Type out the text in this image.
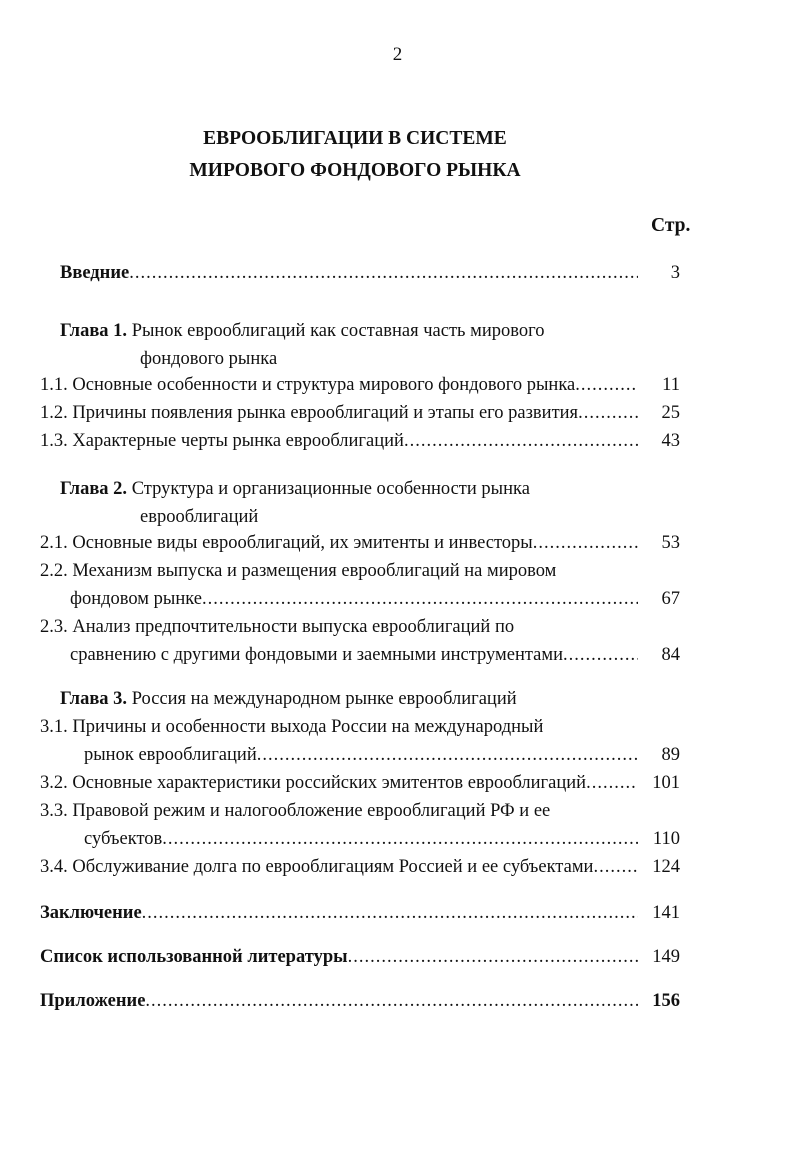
2
ЕВРООБЛИГАЦИИ В СИСТЕМЕ
МИРОВОГО ФОНДОВОГО РЫНКА
Стр.
Введние .....	3
Глава 1. Рынок еврооблигаций как составная часть мирового
фондового рынка
1.1. Основные особенности и структура мирового фондового рынка .....	11
1.2. Причины появления рынка еврооблигаций и этапы его развития .....	25
1.3. Характерные черты рынка еврооблигаций .....	43
Глава 2. Структура и организационные особенности рынка
еврооблигаций
2.1. Основные виды еврооблигаций, их эмитенты и инвесторы .....	53
2.2. Механизм выпуска и размещения еврооблигаций на мировом
фондовом рынке .....	67
2.3. Анализ предпочтительности выпуска еврооблигаций по
сравнению с другими фондовыми и заемными инструментами .....	84
Глава 3. Россия на международном рынке еврооблигаций
3.1. Причины и особенности выхода России на международный
рынок еврооблигаций .....	89
3.2. Основные характеристики российских эмитентов еврооблигаций .....	101
3.3. Правовой режим и налогообложение еврооблигаций РФ и ее
субъектов .....	110
3.4. Обслуживание долга по еврооблигациям Россией и ее субъектами .....	124
Заключение .....	141
Список использованной литературы .....	149
Приложение .....	156
